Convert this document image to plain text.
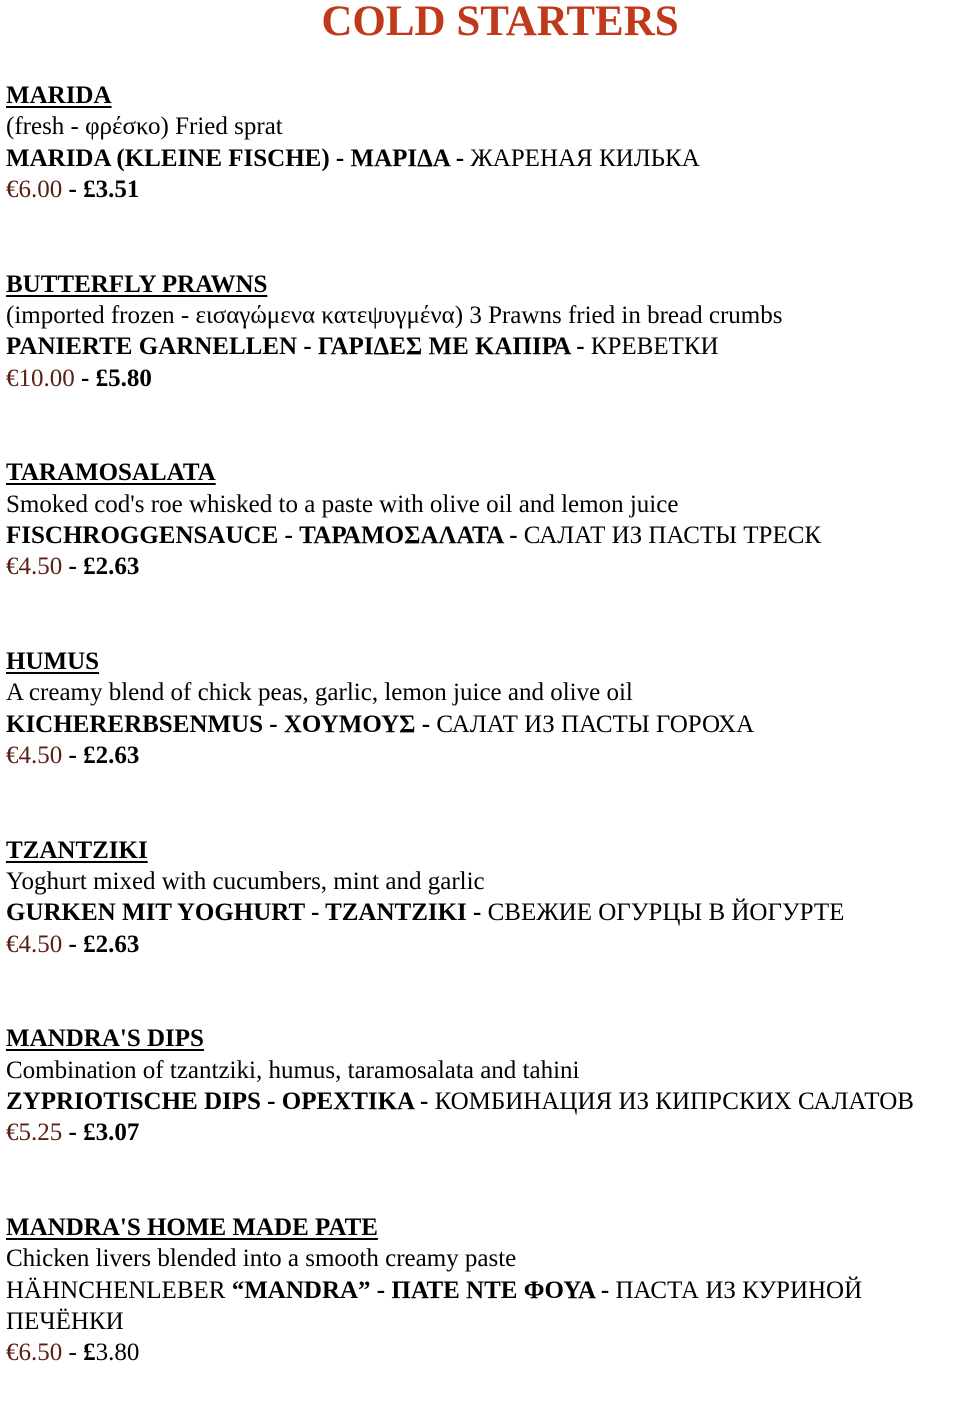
COLD STARTERS
MARIDA
(fresh - φρέσκο) Fried sprat
MARIDA (KLEINE FISCHE) - ΜΑΡΙΔΑ - ЖАРЕНАЯ КИЛЬКА
€6.00 - £3.51
BUTTERFLY PRAWNS
(imported frozen - εισαγώμενα κατεψυγμένα) 3 Prawns fried in bread crumbs
PANIERTE GARNELLEN - ΓΑΡΙΔΕΣ ΜΕ ΚΑΠΙΡΑ - КРЕВЕТКИ
€10.00 - £5.80
TARAMOSALATA
Smoked cod's roe whisked to a paste with olive oil and lemon juice
FISCHROGGENSAUCE - ΤΑΡΑΜΟΣΑΛΑΤΑ - САЛАТ ИЗ ПАСТЫ ТРЕСК
€4.50 - £2.63
HUMUS
A creamy blend of chick peas, garlic, lemon juice and olive oil
KICHERERBSENMUS - ΧΟΥΜΟΥΣ - САЛАТ ИЗ ПАСТЫ ГОРОХА
€4.50 - £2.63
TZANTZIKI
Yoghurt mixed with cucumbers, mint and garlic
GURKEN MIT YOGHURT - TZANTZIKI - СВЕЖИЕ ОГУРЦЫ В ЙОГУРТЕ
€4.50 - £2.63
MANDRA'S DIPS
Combination of tzantziki, humus, taramosalata and tahini
ZYPRIOTISCHE DIPS - ΟΡΕΧΤΙΚΑ - КОМБИНАЦИЯ ИЗ КИПРСКИХ САЛАТОВ
€5.25 - £3.07
MANDRA'S HOME MADE PATE
Chicken livers blended into a smooth creamy paste
HÄHNCHENLEBER “MANDRA” - ΠΑΤΕ ΝΤΕ ΦΟΥΑ - ПАСТА ИЗ КУРИНОЙ ПЕЧЁНКИ
€6.50 - £3.80
